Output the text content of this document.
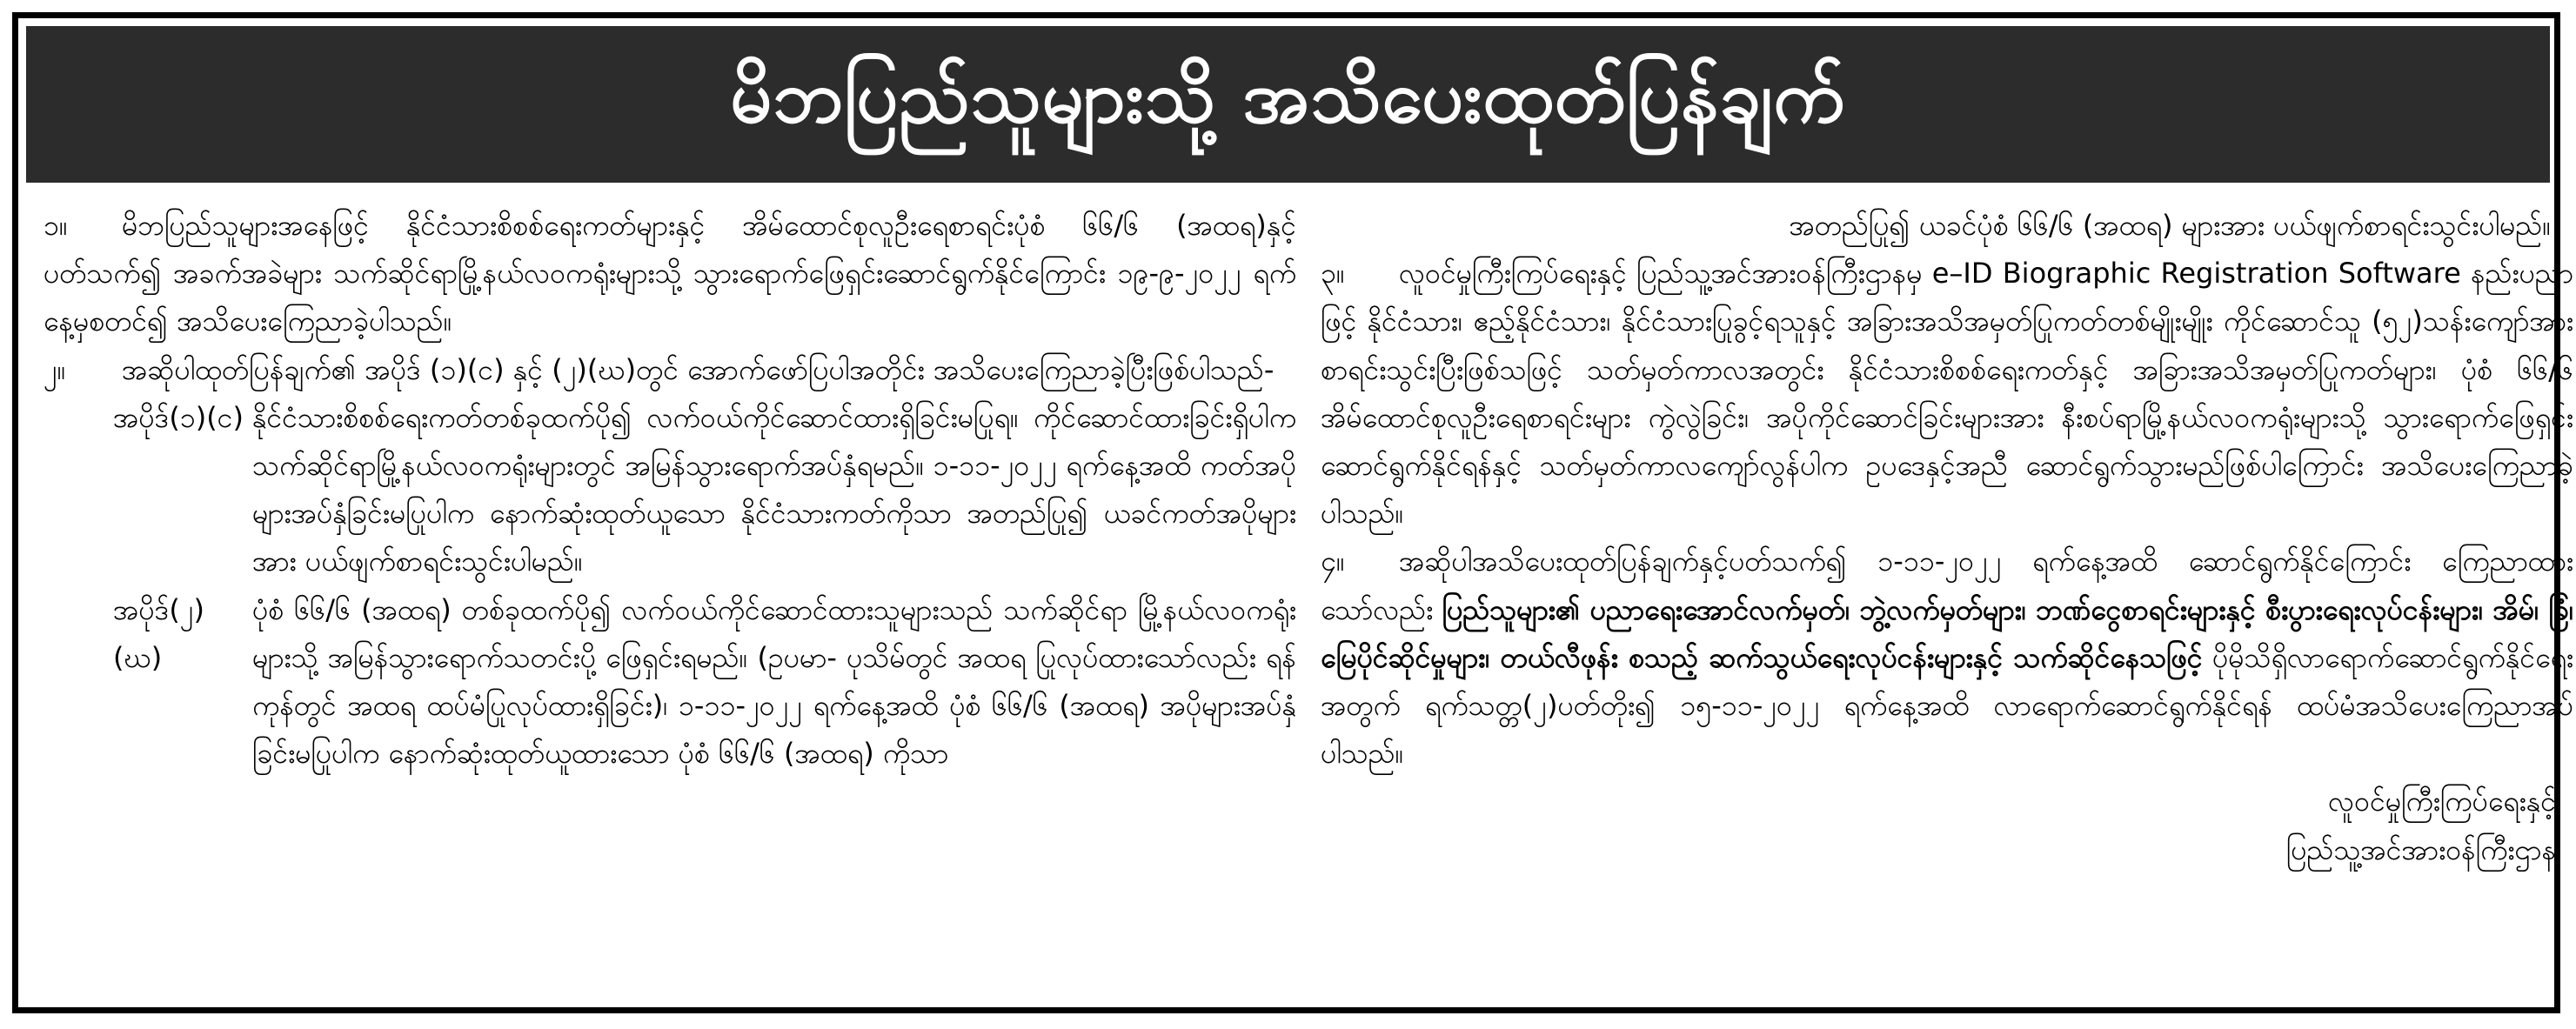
မိဘပြည်သူများသို့ အသိပေးထုတ်ပြန်ချက်
၁။ မိဘပြည်သူများအနေဖြင့် နိုင်ငံသားစိစစ်ရေးကတ်များနှင့် အိမ်ထောင်စုလူဦးရေစာရင်းပုံစံ ၆၆/၆ (အထရ)နှင့်ပတ်သက်၍ အခက်အခဲများ သက်ဆိုင်ရာမြို့နယ်လဝကရုံးများသို့ သွားရောက်ဖြေရှင်းဆောင်ရွက်နိုင်ကြောင်း ၁၉-၉-၂၀၂၂ ရက်နေ့မှစတင်၍ အသိပေးကြေညာခဲ့ပါသည်။
၂။ အဆိုပါထုတ်ပြန်ချက်၏ အပိုဒ် (၁)(င) နှင့် (၂)(ဃ)တွင် အောက်ဖော်ပြပါအတိုင်း အသိပေးကြေညာခဲ့ပြီးဖြစ်ပါသည်-
အပိုဒ်(၁)(င) နိုင်ငံသားစိစစ်ရေးကတ်တစ်ခုထက်ပို၍ လက်ဝယ်ကိုင်ဆောင်ထားရှိခြင်းမပြုရ။ ကိုင်ဆောင်ထားခြင်းရှိပါက သက်ဆိုင်ရာမြို့နယ်လဝကရုံးများတွင် အမြန်သွားရောက်အပ်နှံရမည်။ ၁-၁၁-၂၀၂၂ ရက်နေ့အထိ ကတ်အပိုများအပ်နှံခြင်းမပြုပါက နောက်ဆုံးထုတ်ယူသော နိုင်ငံသားကတ်ကိုသာ အတည်ပြု၍ ယခင်ကတ်အပိုများအား ပယ်ဖျက်စာရင်းသွင်းပါမည်။
အပိုဒ်(၂)(ဃ)
ပုံစံ ၆၆/၆ (အထရ) တစ်ခုထက်ပို၍ လက်ဝယ်ကိုင်ဆောင်ထားသူများသည် သက်ဆိုင်ရာ မြို့နယ်လဝကရုံးများသို့ အမြန်သွားရောက်သတင်းပို့ ဖြေရှင်းရမည်။ (ဥပမာ- ပုသိမ်တွင် အထရ ပြုလုပ်ထားသော်လည်း ရန်ကုန်တွင် အထရ ထပ်မံပြုလုပ်ထားရှိခြင်း)၊ ၁-၁၁-၂၀၂၂ ရက်နေ့အထိ ပုံစံ ၆၆/၆ (အထရ) အပိုများအပ်နှံခြင်းမပြုပါက နောက်ဆုံးထုတ်ယူထားသော ပုံစံ ၆၆/၆ (အထရ) ကိုသာ
အတည်ပြု၍ ယခင်ပုံစံ ၆၆/၆ (အထရ) များအား ပယ်ဖျက်စာရင်းသွင်းပါမည်။
၃။ လူဝင်မှုကြီးကြပ်ရေးနှင့် ပြည်သူ့အင်အားဝန်ကြီးဌာနမှ e–ID Biographic Registration Software နည်းပညာဖြင့် နိုင်ငံသား၊ ဧည့်နိုင်ငံသား၊ နိုင်ငံသားပြုခွင့်ရသူနှင့် အခြားအသိအမှတ်ပြုကတ်တစ်မျိုးမျိုး ကိုင်ဆောင်သူ (၅၂)သန်းကျော်အား စာရင်းသွင်းပြီးဖြစ်သဖြင့် သတ်မှတ်ကာလအတွင်း နိုင်ငံသားစိစစ်ရေးကတ်နှင့် အခြားအသိအမှတ်ပြုကတ်များ၊ ပုံစံ ၆၆/၆ အိမ်ထောင်စုလူဦးရေစာရင်းများ ကွဲလွဲခြင်း၊ အပိုကိုင်ဆောင်ခြင်းများအား နီးစပ်ရာမြို့နယ်လဝကရုံးများသို့ သွားရောက်ဖြေရှင်းဆောင်ရွက်နိုင်ရန်နှင့် သတ်မှတ်ကာလကျော်လွန်ပါက ဥပဒေနှင့်အညီ ဆောင်ရွက်သွားမည်ဖြစ်ပါကြောင်း အသိပေးကြေညာခဲ့ပါသည်။
၄။ အဆိုပါအသိပေးထုတ်ပြန်ချက်နှင့်ပတ်သက်၍ ၁-၁၁-၂၀၂၂ ရက်နေ့အထိ ဆောင်ရွက်နိုင်ကြောင်း ကြေညာထားသော်လည်း ပြည်သူများ၏ ပညာရေးအောင်လက်မှတ်၊ ဘွဲ့လက်မှတ်များ၊ ဘဏ်ငွေစာရင်းများနှင့် စီးပွားရေးလုပ်ငန်းများ၊ အိမ်၊ ခြံ၊ မြေပိုင်ဆိုင်မှုများ၊ တယ်လီဖုန်း စသည့် ဆက်သွယ်ရေးလုပ်ငန်းများနှင့် သက်ဆိုင်နေသဖြင့် ပိုမိုသိရှိလာရောက်ဆောင်ရွက်နိုင်ရေးအတွက် ရက်သတ္တ(၂)ပတ်တိုး၍ ၁၅-၁၁-၂၀၂၂ ရက်နေ့အထိ လာရောက်ဆောင်ရွက်နိုင်ရန် ထပ်မံအသိပေးကြေညာအပ်ပါသည်။
လူဝင်မှုကြီးကြပ်ရေးနှင့်
ပြည်သူ့အင်အားဝန်ကြီးဌာန
